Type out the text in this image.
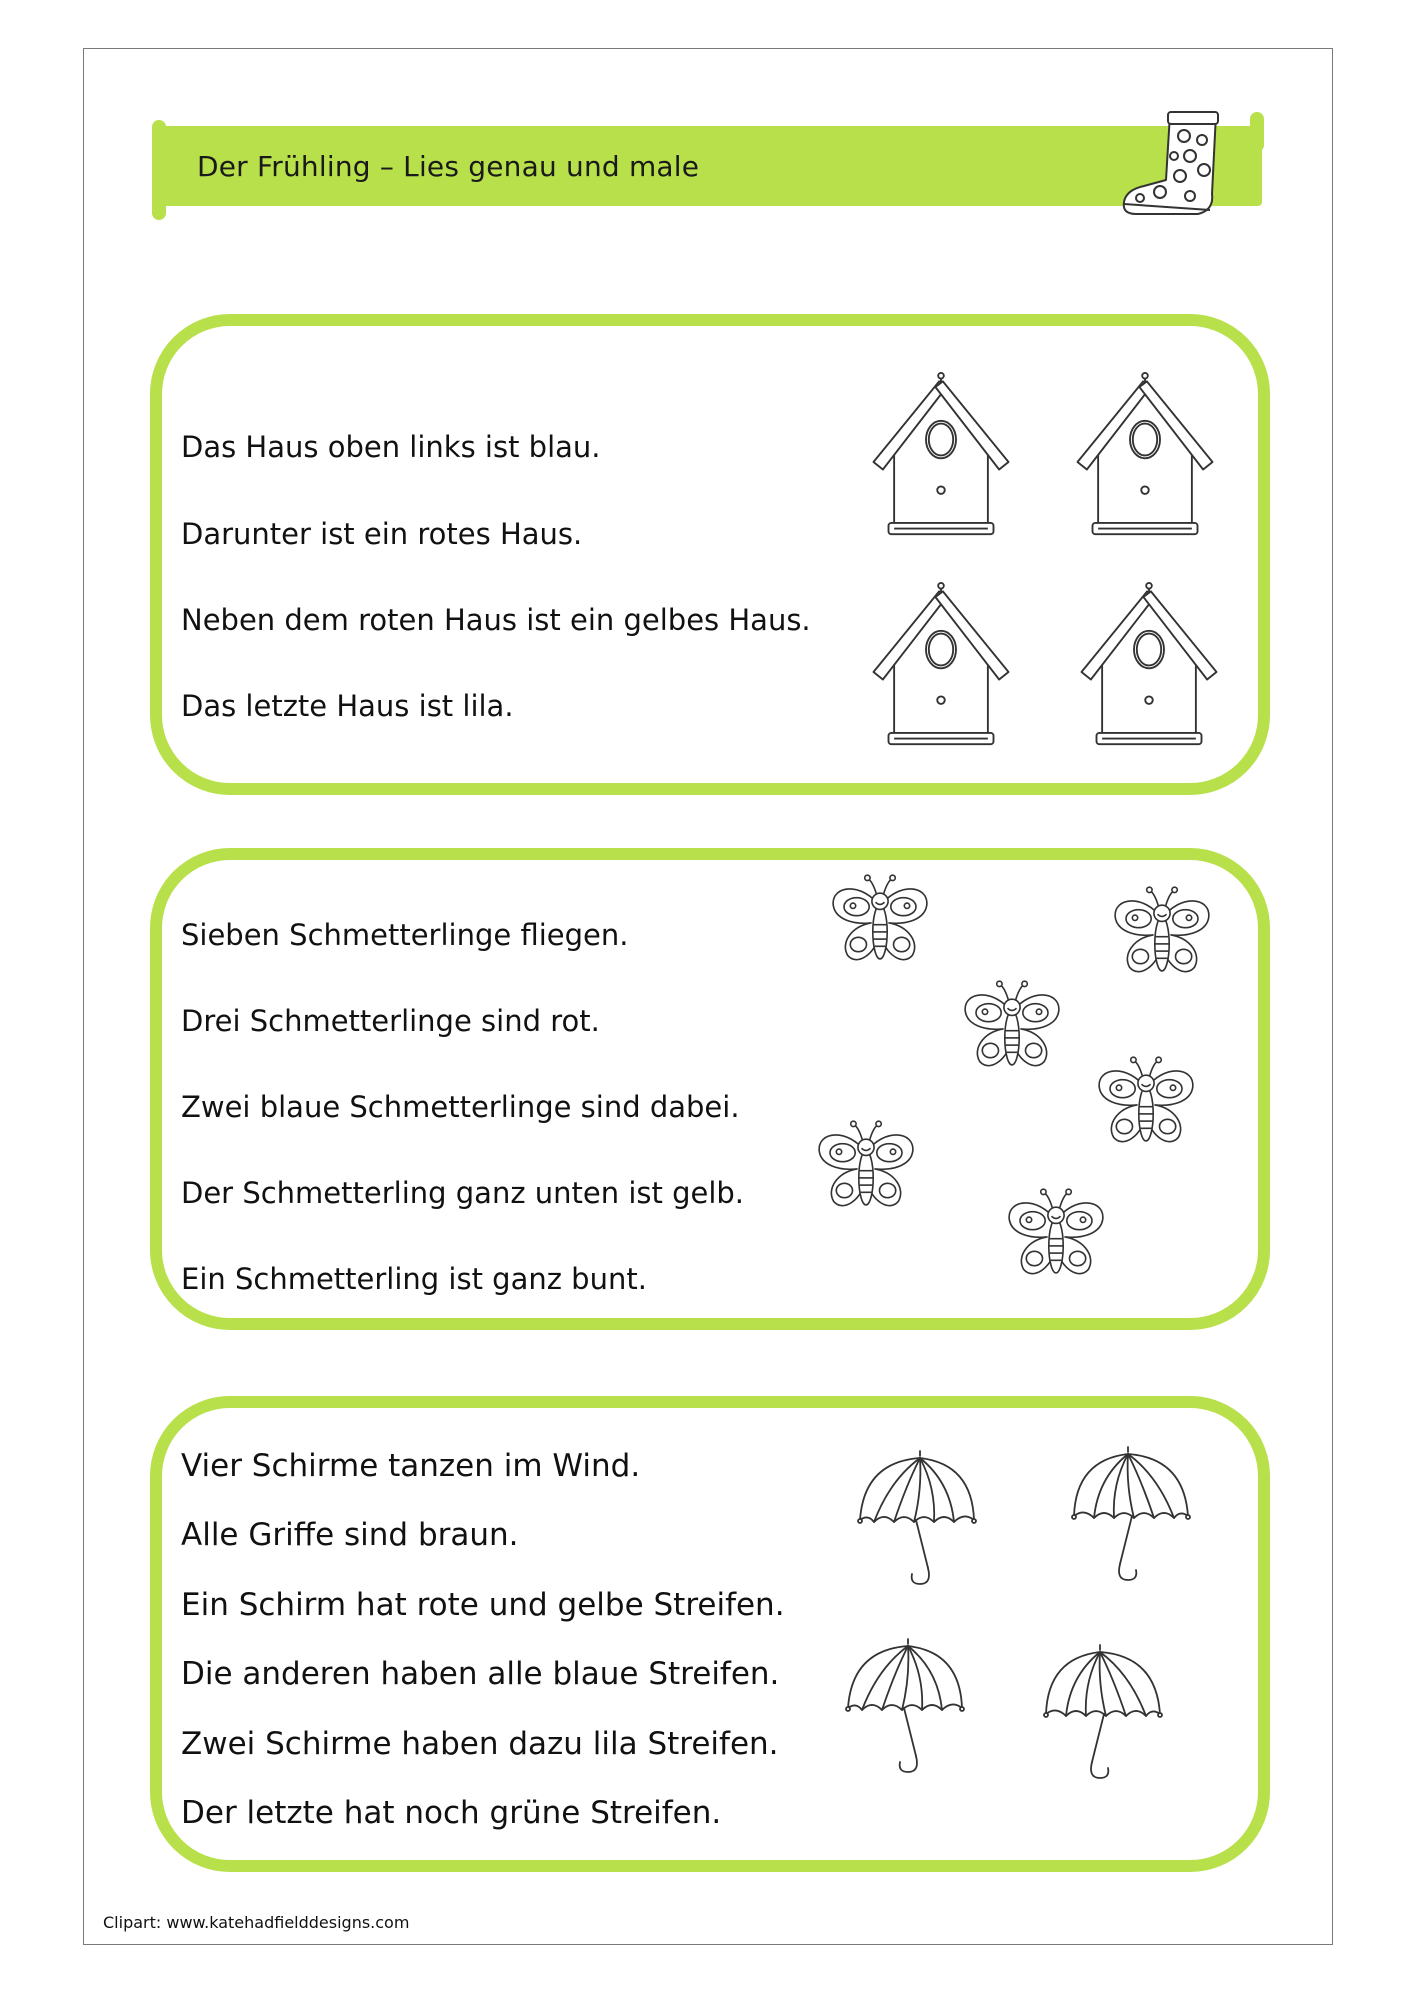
Der Frühling – Lies genau und male
Das Haus oben links ist blau.
Darunter ist ein rotes Haus.
Neben dem roten Haus ist ein gelbes Haus.
Das letzte Haus ist lila.
Sieben Schmetterlinge fliegen.
Drei Schmetterlinge sind rot.
Zwei blaue Schmetterlinge sind dabei.
Der Schmetterling ganz unten ist gelb.
Ein Schmetterling ist ganz bunt.
Vier Schirme tanzen im Wind.
Alle Griffe sind braun.
Ein Schirm hat rote und gelbe Streifen.
Die anderen haben alle blaue Streifen.
Zwei Schirme haben dazu lila Streifen.
Der letzte hat noch grüne Streifen.
Clipart: www.katehadfielddesigns.com
